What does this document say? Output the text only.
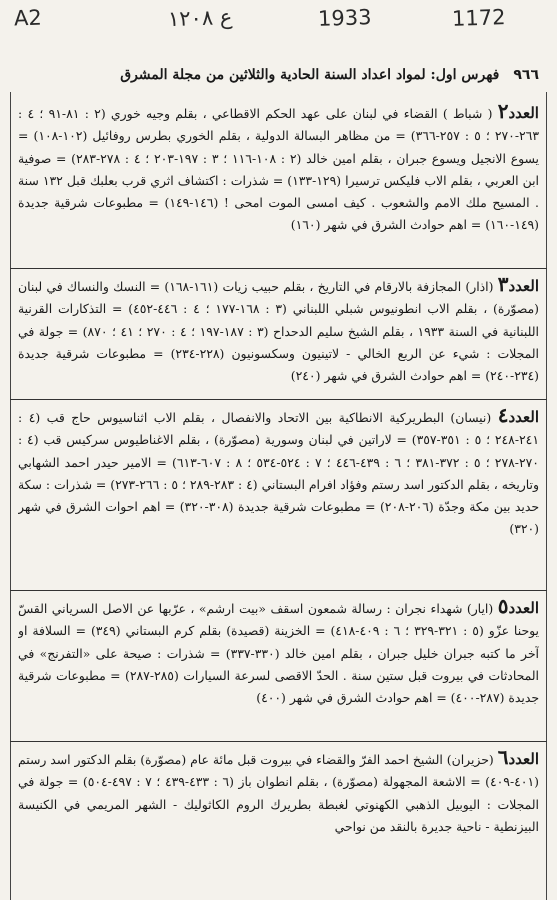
A2	ع ١٢٠٨	1933	1172
٩٦٦
فهرس اول: لمواد اعداد السنة الحادية والثلاثين من مجلة المشرق
العدد٢ ( شباط ) القضاء في لبنان على عهد الحكم الاقطاعي ، بقلم وجيه خوري (٢ : ٨١-٩١ ؛ ٤ : ٢٦٣-٢٧٠ ؛ ٥ : ٢٥٧-٣٦٦) = من مظاهر البسالة الدولية ، بقلم الخوري بطرس روفائيل (١٠٢-١٠٨) = يسوع الانجيل ويسوع جبران ، بقلم امين خالد (٢ : ١٠٨-١١٦ ؛ ٣ : ١٩٧-٢٠٣ ؛ ٤ : ٢٧٨-٢٨٣) = صوفية ابن العربي ، بقلم الاب فليكس ترسيرا (١٢٩-١٣٣) = شذرات : اكتشاف اثري قرب بعلبك قبل ١٣٢ سنة . المسيح ملك الامم والشعوب . كيف امسى الموت امحى ! (١٤٦-١٤٩) = مطبوعات شرقية جديدة (١٤٩-١٦٠) = اهم حوادث الشرق في شهر (١٦٠)
العدد٣ (اذار) المجازفة بالارقام في التاريخ ، بقلم حبيب زيات (١٦١-١٦٨) = النسك والنساك في لبنان (مصوّرة) ، بقلم الاب انطونيوس شبلي اللبناني (٣ : ١٦٨-١٧٧ ؛ ٤ : ٤٤٦-٤٥٢) = التذكارات القرنية اللبنانية في السنة ١٩٣٣ ، بقلم الشيخ سليم الدحداح (٣ : ١٨٧-١٩٧ ؛ ٤ : ٢٧٠ ؛ ٤١ ؛ ٨٧٠) = جولة في المجلات : شيء عن الربع الخالي - لاتينيون وسكسونيون (٢٢٨-٢٣٤) = مطبوعات شرقية جديدة (٢٣٤-٢٤٠) = اهم حوادث الشرق في شهر (٢٤٠)
العدد٤ (نيسان) البطريركية الانطاكية بين الاتحاد والانفصال ، بقلم الاب اثناسيوس حاج قب (٤ : ٢٤١-٢٤٨ ؛ ٥ : ٣٥١-٣٥٧) = لاراتين في لبنان وسورية (مصوّرة) ، بقلم الاغناطيوس سركيس قب (٤ : ٢٧٠-٢٧٨ ؛ ٥ : ٣٧٢-٣٨١ ؛ ٦ : ٤٣٩-٤٤٦ ؛ ٧ : ٥٢٤-٥٣٤ ؛ ٨ : ٦٠٧-٦١٣) = الامير حيدر احمد الشهابي وتاريخه ، بقلم الدكتور اسد رستم وفؤاد افرام البستاني (٤ : ٢٨٣-٢٨٩ ؛ ٥ : ٢٦٦-٢٧٣) = شذرات : سكة حديد بين مكة وجدّة (٢٠٦-٢٠٨) = مطبوعات شرقية جديدة (٣٠٨-٣٢٠) = اهم احوات الشرق في شهر (٣٢٠)
العدد٥ (ايار) شهداء نجران : رسالة شمعون اسقف «بيت ارشم» ، عرّبها عن الاصل السرياني القسّ يوحنا عزّو (٥ : ٣٢١-٣٢٩ ؛ ٦ : ٤٠٩-٤١٨) = الخزينة (قصيدة) بقلم كرم البستاني (٣٤٩) = السلافة او آخر ما كتبه جبران خليل جبران ، بقلم امين خالد (٣٣٠-٣٣٧) = شذرات : صيحة على «التفرنج» في المحادثات في بيروت قبل ستين سنة . الحدّ الاقصى لسرعة السيارات (٢٨٥-٢٨٧) = مطبوعات شرقية جديدة (٢٨٧-٤٠٠) = اهم حوادث الشرق في شهر (٤٠٠)
العدد٦ (حزيران) الشيخ احمد الفرّ والقضاء في بيروت قبل مائة عام (مصوّرة) بقلم الدكتور اسد رستم (٤٠١-٤٠٩) = الاشعة المجهولة (مصوّرة) ، بقلم انطوان باز (٦ : ٤٣٣-٤٣٩ ؛ ٧ : ٤٩٧-٥٠٤) = جولة في المجلات : اليوبيل الذهبي الكهنوتي لغبطة بطريرك الروم الكاثوليك - الشهر المريمي في الكنيسة البيزنطية - ناحية جديرة بالنقد من نواحي
